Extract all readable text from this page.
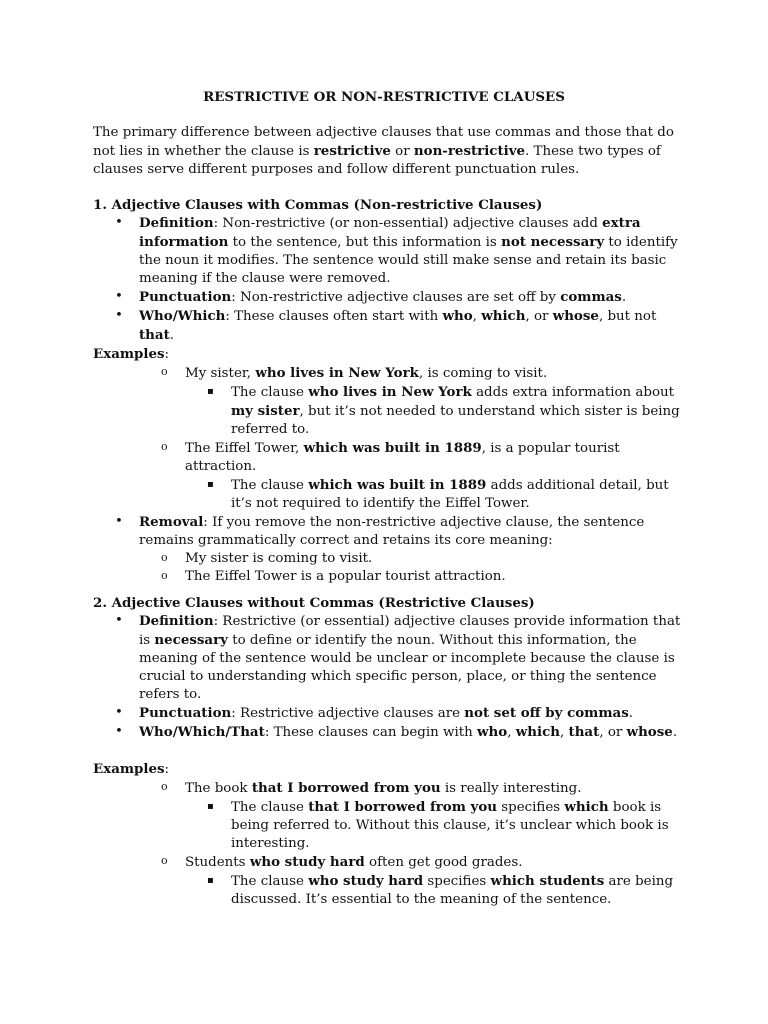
RESTRICTIVE OR NON-RESTRICTIVE CLAUSES
The primary difference between adjective clauses that use commas and those that do not lies in whether the clause is restrictive or non-restrictive. These two types of clauses serve different purposes and follow different punctuation rules.
1. Adjective Clauses with Commas (Non-restrictive Clauses)
• Definition: Non-restrictive (or non-essential) adjective clauses add extra information to the sentence, but this information is not necessary to identify the noun it modifies. The sentence would still make sense and retain its basic meaning if the clause were removed.
• Punctuation: Non-restrictive adjective clauses are set off by commas.
• Who/Which: These clauses often start with who, which, or whose, but not that.
Examples:
o My sister, who lives in New York, is coming to visit.
▪ The clause who lives in New York adds extra information about my sister, but it’s not needed to understand which sister is being referred to.
o The Eiffel Tower, which was built in 1889, is a popular tourist attraction.
▪ The clause which was built in 1889 adds additional detail, but it’s not required to identify the Eiffel Tower.
• Removal: If you remove the non-restrictive adjective clause, the sentence remains grammatically correct and retains its core meaning:
o My sister is coming to visit.
o The Eiffel Tower is a popular tourist attraction.
2. Adjective Clauses without Commas (Restrictive Clauses)
• Definition: Restrictive (or essential) adjective clauses provide information that is necessary to define or identify the noun. Without this information, the meaning of the sentence would be unclear or incomplete because the clause is crucial to understanding which specific person, place, or thing the sentence refers to.
• Punctuation: Restrictive adjective clauses are not set off by commas.
• Who/Which/That: These clauses can begin with who, which, that, or whose.
Examples:
o The book that I borrowed from you is really interesting.
▪ The clause that I borrowed from you specifies which book is being referred to. Without this clause, it’s unclear which book is interesting.
o Students who study hard often get good grades.
▪ The clause who study hard specifies which students are being discussed. It’s essential to the meaning of the sentence.
